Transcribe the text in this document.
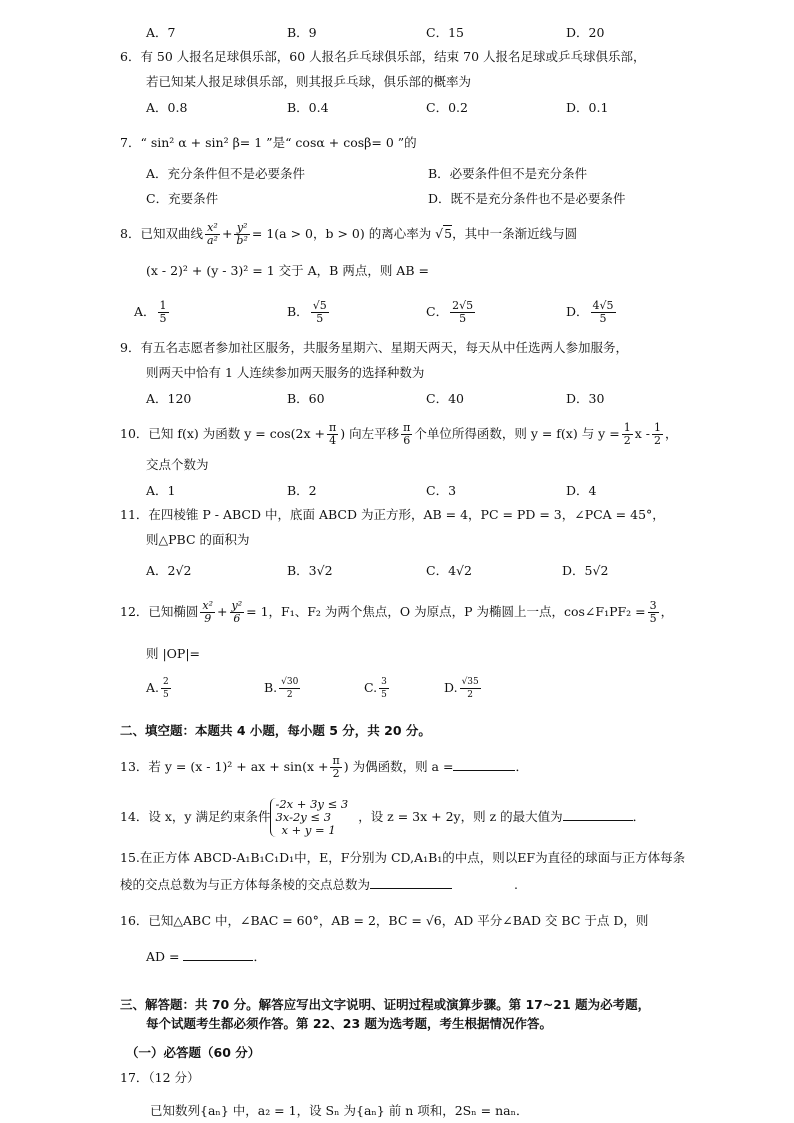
A．7	B．9	C．15	D．20
6．有 50 人报名足球俱乐部，60 人报名乒乓球俱乐部，结束 70 人报名足球或乒乓球俱乐部，
若已知某人报足球俱乐部，则其报乒乓球，俱乐部的概率为
A．0.8	B．0.4	C．0.2	D．0.1
7．“ sin² α + sin² β= 1 ”是“ cosα + cosβ= 0 ”的
A．充分条件但不是必要条件	B．必要条件但不是充分条件
C．充要条件	D．既不是充分条件也不是必要条件
8．已知双曲线 $\frac{\text{x²}}{\text{a²}} + \frac{\text{y²}}{\text{b²}} = 1(a > 0$，b > 0) 的离心率为 √5，其中一条渐近线与圆
(x - 2)² + (y - 3)² = 1 交于 A，B 两点，则 AB =
A． $\frac{1}{5}$	B． $\frac{√5}{5}$	C． $\frac{2√5}{5}$	D． $\frac{4√5}{5}$
9．有五名志愿者参加社区服务，共服务星期六、星期天两天，每天从中任选两人参加服务，
则两天中恰有 1 人连续参加两天服务的选择种数为
A．120	B．60	C．40	D．30
10．已知 f(x) 为函数 $y = \cos(2x + \frac{\pi}{4}$ ) 向左平移 $\frac{\pi}{6}$ 个单位所得函数，则 y = f(x) 与 $y = \frac{1}{2}$ x - $\frac{1}{2}$ ，
交点个数为
A．1	B．2	C．3	D．4
11．在四棱锥 P - ABCD 中，底面 ABCD 为正方形，AB = 4，PC = PD = 3，∠PCA = 45°，
则△PBC 的面积为
A．2√2	B．3√2	C．4√2	D．5√2
12．已知椭圆 $\frac{\text{x²}}{9} + \frac{\text{y²}}{6} = 1$，F₁、F₂ 为两个焦点，O 为原点，P 为椭圆上一点，cos∠F₁PF₂ = $\frac{3}{5}$ ，
则 |OP|=
A. $\frac{2}{5}$	B. $\frac{√30}{2}$	C. $\frac{3}{5}$	D. $\frac{√35}{2}$
二、填空题：本题共 4 小题，每小题 5 分，共 20 分。
13．若 y = (x - 1)² + ax + $\sin(x + \frac{\pi}{2}$ ) 为偶函数，则 a =	．
14．设 x，y 满足约束条件
-2x + 3y ≤ 3
3x-2y ≤ 3
x + y = 1
，设 z = 3x + 2y，则 z 的最大值为	．
15.在正方体 ABCD-A₁B₁C₁D₁中，E，F分别为 CD,A₁B₁的中点，则以EF为直径的球面与正方体每条
棱的交点总数为与正方体每条棱的交点总数为	.
16．已知△ABC 中，∠BAC = 60°，AB = 2，BC = √6，AD 平分∠BAD 交 BC 于点 D，则
AD =	．
三、解答题：共 70 分。解答应写出文字说明、证明过程或演算步骤。第 17~21 题为必考题，
每个试题考生都必须作答。第 22、23 题为选考题，考生根据情况作答。
（一）必答题（60 分）
17．（12 分）
已知数列{aₙ} 中，a₂ = 1，设 Sₙ 为{aₙ} 前 n 项和，2Sₙ = naₙ．
